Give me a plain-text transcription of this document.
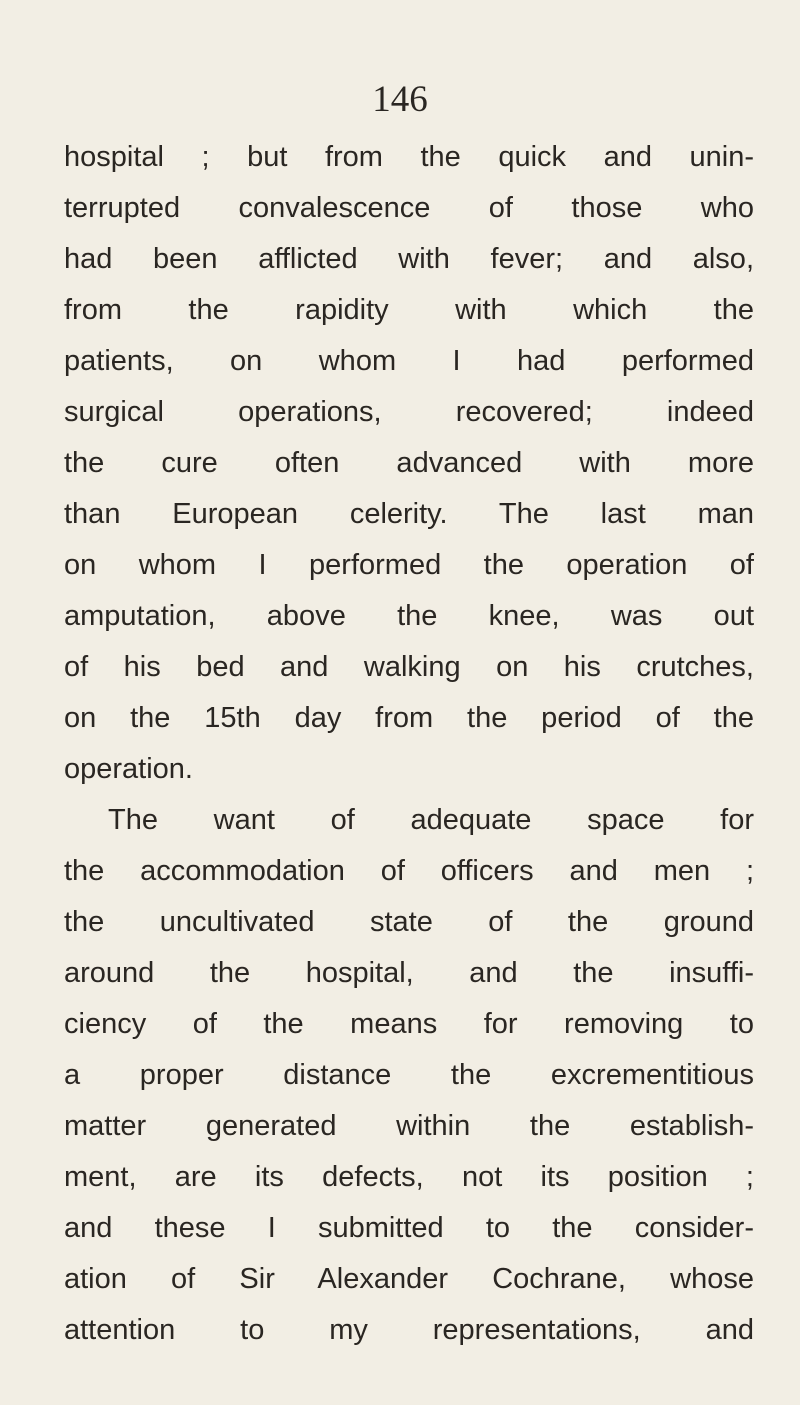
146
hospital ; but from the quick and unin-
terrupted convalescence of those who
had been afflicted with fever; and also,
from the rapidity with which the
patients, on whom I had performed
surgical operations, recovered; indeed
the cure often advanced with more
than European celerity. The last man
on whom I performed the operation of
amputation, above the knee, was out
of his bed and walking on his crutches,
on the 15th day from the period of the
operation.
The want of adequate space for
the accommodation of officers and men ;
the uncultivated state of the ground
around the hospital, and the insuffi-
ciency of the means for removing to
a proper distance the excrementitious
matter generated within the establish-
ment, are its defects, not its position ;
and these I submitted to the consider-
ation of Sir Alexander Cochrane, whose
attention to my representations, and
